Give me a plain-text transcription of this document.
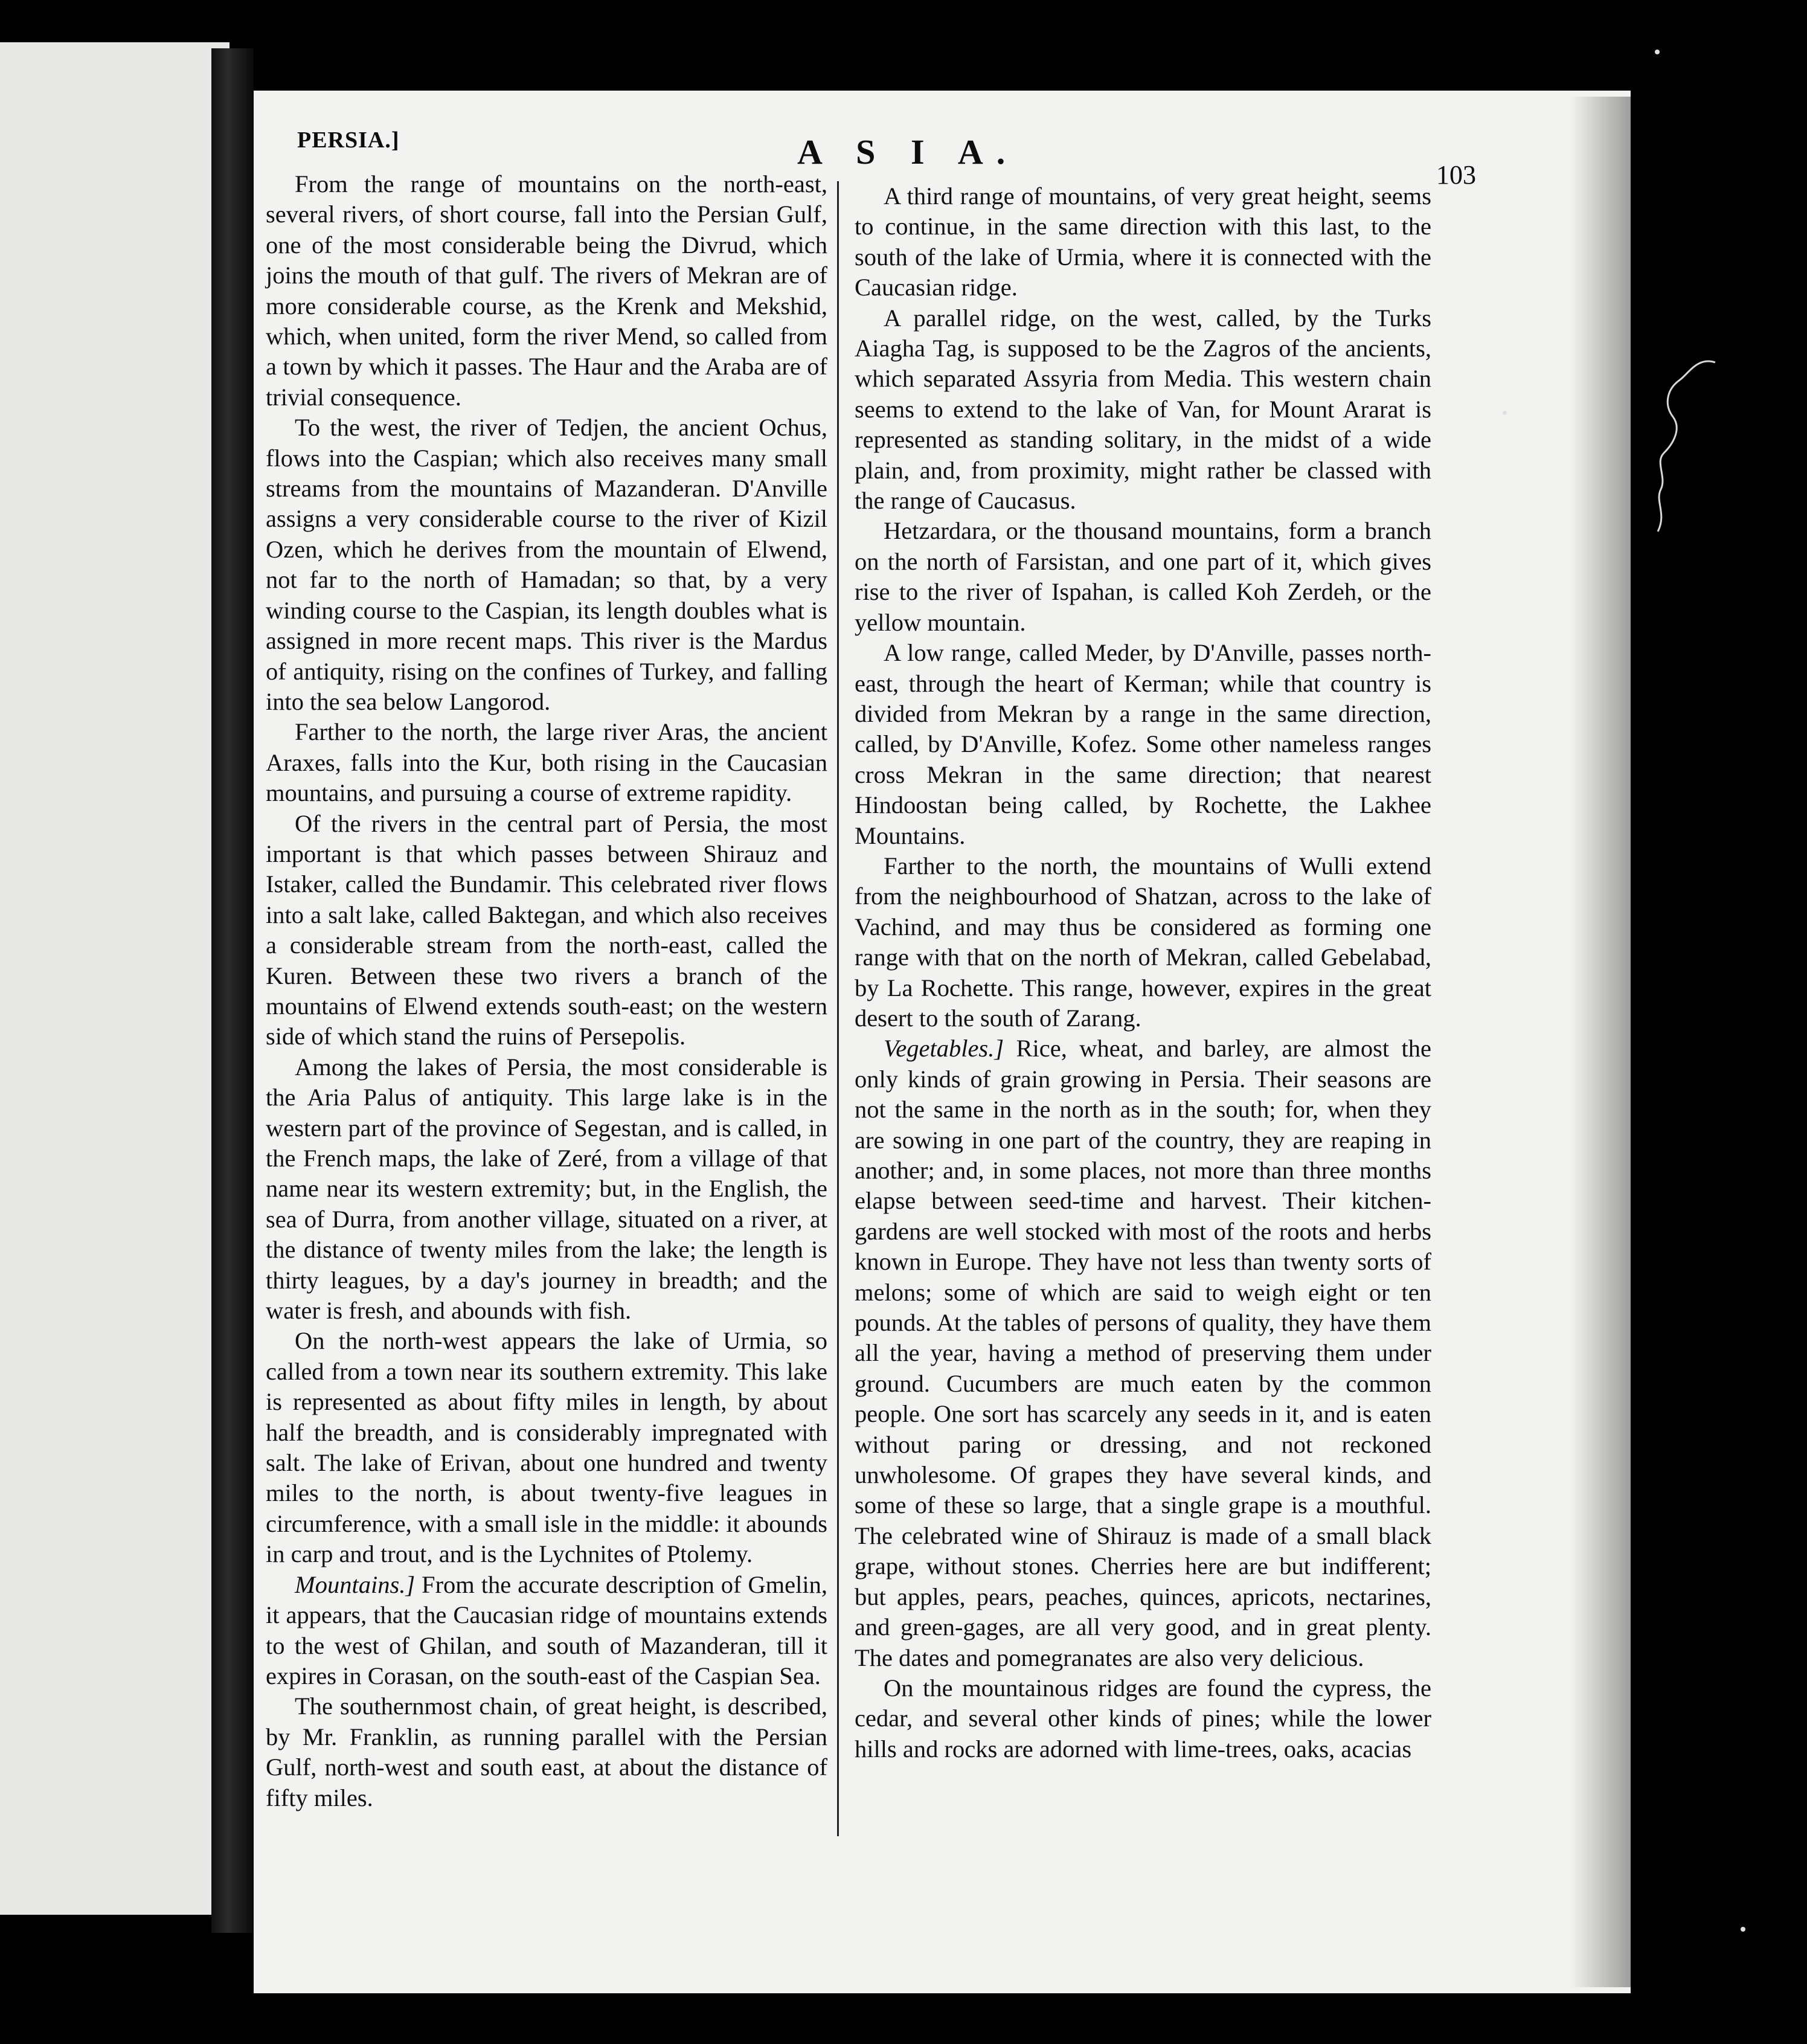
PERSIA.]	A S I A.
103

From the range of mountains on the north-east, several rivers, of short course, fall into the Persian Gulf, one of the most considerable being the Divrud, which joins the mouth of that gulf. The rivers of Mekran are of more considerable course, as the Krenk and Mekshid, which, when united, form the river Mend, so called from a town by which it passes. The Haur and the Araba are of trivial consequence.

To the west, the river of Tedjen, the ancient Ochus, flows into the Caspian; which also receives many small streams from the mountains of Mazanderan. D'Anville assigns a very considerable course to the river of Kizil Ozen, which he derives from the mountain of Elwend, not far to the north of Hamadan; so that, by a very winding course to the Caspian, its length doubles what is assigned in more recent maps. This river is the Mardus of antiquity, rising on the confines of Turkey, and falling into the sea below Langorod.

Farther to the north, the large river Aras, the ancient Araxes, falls into the Kur, both rising in the Caucasian mountains, and pursuing a course of extreme rapidity.

Of the rivers in the central part of Persia, the most important is that which passes between Shirauz and Istaker, called the Bundamir. This celebrated river flows into a salt lake, called Baktegan, and which also receives a considerable stream from the north-east, called the Kuren. Between these two rivers a branch of the mountains of Elwend extends south-east; on the western side of which stand the ruins of Persepolis.

Among the lakes of Persia, the most considerable is the Aria Palus of antiquity. This large lake is in the western part of the province of Segestan, and is called, in the French maps, the lake of Zeré, from a village of that name near its western extremity; but, in the English, the sea of Durra, from another village, situated on a river, at the distance of twenty miles from the lake; the length is thirty leagues, by a day's journey in breadth; and the water is fresh, and abounds with fish.

On the north-west appears the lake of Urmia, so called from a town near its southern extremity. This lake is represented as about fifty miles in length, by about half the breadth, and is considerably impregnated with salt. The lake of Erivan, about one hundred and twenty miles to the north, is about twenty-five leagues in circumference, with a small isle in the middle: it abounds in carp and trout, and is the Lychnites of Ptolemy.

Mountains.] From the accurate description of Gmelin, it appears, that the Caucasian ridge of mountains extends to the west of Ghilan, and south of Mazanderan, till it expires in Corasan, on the south-east of the Caspian Sea.

The southernmost chain, of great height, is described, by Mr. Franklin, as running parallel with the Persian Gulf, north-west and south east, at about the distance of fifty miles.

A third range of mountains, of very great height, seems to continue, in the same direction with this last, to the south of the lake of Urmia, where it is connected with the Caucasian ridge.

A parallel ridge, on the west, called, by the Turks Aiagha Tag, is supposed to be the Zagros of the ancients, which separated Assyria from Media. This western chain seems to extend to the lake of Van, for Mount Ararat is represented as standing solitary, in the midst of a wide plain, and, from proximity, might rather be classed with the range of Caucasus.

Hetzardara, or the thousand mountains, form a branch on the north of Farsistan, and one part of it, which gives rise to the river of Ispahan, is called Koh Zerdeh, or the yellow mountain.

A low range, called Meder, by D'Anville, passes north-east, through the heart of Kerman; while that country is divided from Mekran by a range in the same direction, called, by D'Anville, Kofez. Some other nameless ranges cross Mekran in the same direction; that nearest Hindoostan being called, by Rochette, the Lakhee Mountains.

Farther to the north, the mountains of Wulli extend from the neighbourhood of Shatzan, across to the lake of Vachind, and may thus be considered as forming one range with that on the north of Mekran, called Gebelabad, by La Rochette. This range, however, expires in the great desert to the south of Zarang.

Vegetables.] Rice, wheat, and barley, are almost the only kinds of grain growing in Persia. Their seasons are not the same in the north as in the south; for, when they are sowing in one part of the country, they are reaping in another; and, in some places, not more than three months elapse between seed-time and harvest. Their kitchen-gardens are well stocked with most of the roots and herbs known in Europe. They have not less than twenty sorts of melons; some of which are said to weigh eight or ten pounds. At the tables of persons of quality, they have them all the year, having a method of preserving them under ground. Cucumbers are much eaten by the common people. One sort has scarcely any seeds in it, and is eaten without paring or dressing, and not reckoned unwholesome. Of grapes they have several kinds, and some of these so large, that a single grape is a mouthful. The celebrated wine of Shirauz is made of a small black grape, without stones. Cherries here are but indifferent; but apples, pears, peaches, quinces, apricots, nectarines, and green-gages, are all very good, and in great plenty. The dates and pomegranates are also very delicious.

On the mountainous ridges are found the cypress, the cedar, and several other kinds of pines; while the lower hills and rocks are adorned with lime-trees, oaks, acacias
